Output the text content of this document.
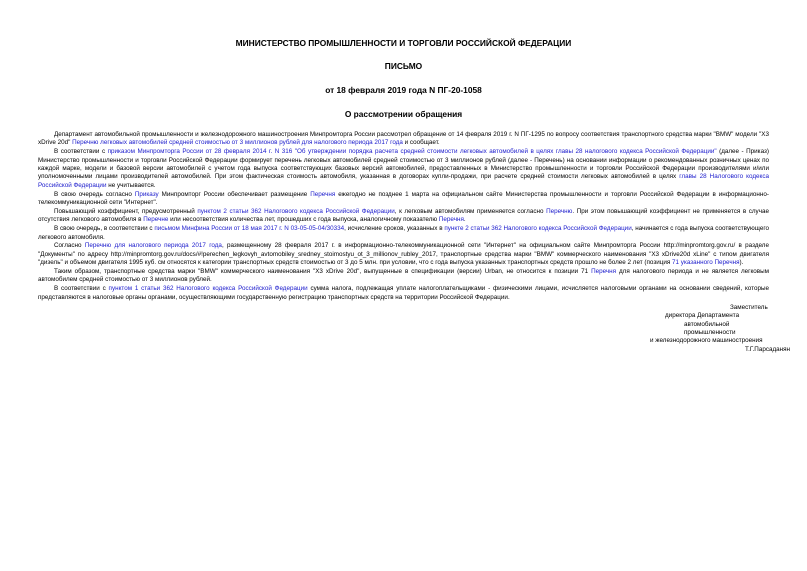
МИНИСТЕРСТВО ПРОМЫШЛЕННОСТИ И ТОРГОВЛИ РОССИЙСКОЙ ФЕДЕРАЦИИ
ПИСЬМО
от 18 февраля 2019 года N ПГ-20-1058
О рассмотрении обращения

Департамент автомобильной промышленности и железнодорожного машиностроения Минпромторга России рассмотрел обращение от 14 февраля 2019 г. N ПГ-1295 по вопросу соответствия транспортного средства марки "BMW" модели "X3 xDrive 20d" Перечню легковых автомобилей средней стоимостью от 3 миллионов рублей для налогового периода 2017 года и сообщает.

В соответствии с приказом Минпромторга России от 28 февраля 2014 г. N 316 "Об утверждении порядка расчета средней стоимости легковых автомобилей в целях главы 28 налогового кодекса Российской Федерации" (далее - Приказ) Министерство промышленности и торговли Российской Федерации формирует перечень легковых автомобилей средней стоимостью от 3 миллионов рублей (далее - Перечень) на основании информации о рекомендованных розничных ценах по каждой марке, модели и базовой версии автомобилей с учетом года выпуска соответствующих базовых версий автомобилей, предоставленных в Министерство промышленности и торговли Российской Федерации производителями и/или уполномоченными лицами производителей автомобилей. При этом фактическая стоимость автомобиля, указанная в договорах купли-продажи, при расчете средней стоимости легковых автомобилей в целях главы 28 Налогового кодекса Российской Федерации не учитывается.

В свою очередь согласно Приказу Минпромторг России обеспечивает размещение Перечня ежегодно не позднее 1 марта на официальном сайте Министерства промышленности и торговли Российской Федерации в информационно-телекоммуникационной сети "Интернет".

Повышающий коэффициент, предусмотренный пунктом 2 статьи 362 Налогового кодекса Российской Федерации, к легковым автомобилям применяется согласно Перечню. При этом повышающий коэффициент не применяется в случае отсутствия легкового автомобиля в Перечне или несоответствия количества лет, прошедших с года выпуска, аналогичному показателю Перечня.

В свою очередь, в соответствии с письмом Минфина России от 18 мая 2017 г. N 03-05-05-04/30334, исчисление сроков, указанных в пункте 2 статьи 362 Налогового кодекса Российской Федерации, начинается с года выпуска соответствующего легкового автомобиля.

Согласно Перечню для налогового периода 2017 года, размещенному 28 февраля 2017 г. в информационно-телекоммуникационной сети "Интернет" на официальном сайте Минпромторга России http://minpromtorg.gov.ru/ в разделе "Документы" по адресу http://minpromtorg.gov.ru/docs/#!perechen_legkovyh_avtomobiley_sredney_stoimostyu_ot_3_millionov_rubley_2017, транспортные средства марки "BMW" коммерческого наименования "X3 xDrive20d xLine" с типом двигателя "дизель" и объемом двигателя 1995 куб. см относятся к категории транспортных средств стоимостью от 3 до 5 млн. при условии, что с года выпуска указанных транспортных средств прошло не более 2 лет (позиция 71 указанного Перечня).

Таким образом, транспортные средства марки "BMW" коммерческого наименования "X3 xDrive 20d", выпущенные в спецификации (версии) Urban, не относится к позиции 71 Перечня для налогового периода и не является легковым автомобилем средней стоимостью от 3 миллионов рублей.

В соответствии с пунктом 1 статьи 362 Налогового кодекса Российской Федерации сумма налога, подлежащая уплате налогоплательщиками - физическими лицами, исчисляется налоговыми органами на основании сведений, которые представляются в налоговые органы органами, осуществляющими государственную регистрацию транспортных средств на территории Российской Федерации.

Заместитель
директора Департамента
автомобильной промышленности
и железнодорожного машиностроения
Т.Г.Парсаданян
